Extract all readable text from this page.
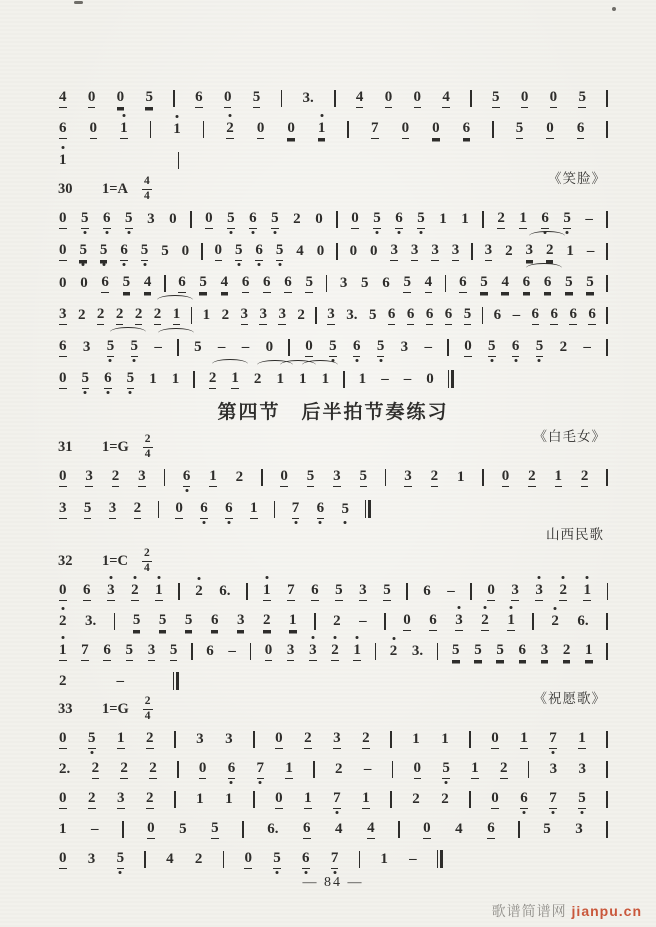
4 0 0 5	6 0 5	3.	4 0 0 4	5 0 0 5
6 0 1	1	2 0 0 1	7 0 0 6	5 0 6
1
30	1=A 4
4
《笑脸》
0 5 6 5 3 0 0 5 6 5 2 0 0 5 6 5 1 1 2 1 6 5 –
0 5 5 6 5 5 0 0 5 6 5 4 0 0 0 3 3 3 3 3 2 3 2 1 –
0 0 6 5 4 6 5 4 6 6 6 5 3 5 6 5 4 6 5 4 6 6 5 5
3 2 2 2 2 2 1 1 2 3 3 3 2 3 3. 5 6 6 6 6 5 6 – 6 6 6 6
6 3 5 5 – 5 – – 0 0 5 6 5 3 – 0 5 6 5 2 –
0 5 6 5 1 1 2 1 2 1 1 1 1 – – 0
第四节　后半拍节奏练习
31	1=G 2
4
《白毛女》
0 3 2 3 6 1 2 0 5 3 5 3 2 1 0 2 1 2
3 5 3 2 0 6 6 1 7 6 5
山西民歌
32	1=C 2
4
0 6 3 2 1 2 6. 1 7 6 5 3 5 6 – 0 3 3 2 1
2 3. 5 5 5 6 3 2 1 2 – 0 6 3 2 1 2 6.
1 7 6 5 3 5 6 – 0 3 3 2 1 2 3. 5 5 5 6 3 2 1
2	–
33	1=G 2
4
《祝愿歌》
0 5 1 2	3 3	0 2 3 2	1 1	0 1 7 1
2. 2 2 2	0 6 7 1	2 –	0 5 1 2	3 3
0 2 3 2	1 1	0 1 7 1	2 2	0 6 7 5
1 –	0 5 5	6. 6 4 4	0 4 6	5 3
0 3 5	4 2	0 5 6 7	1 –
— 84 —
歌谱简谱网 jianpu.cn
